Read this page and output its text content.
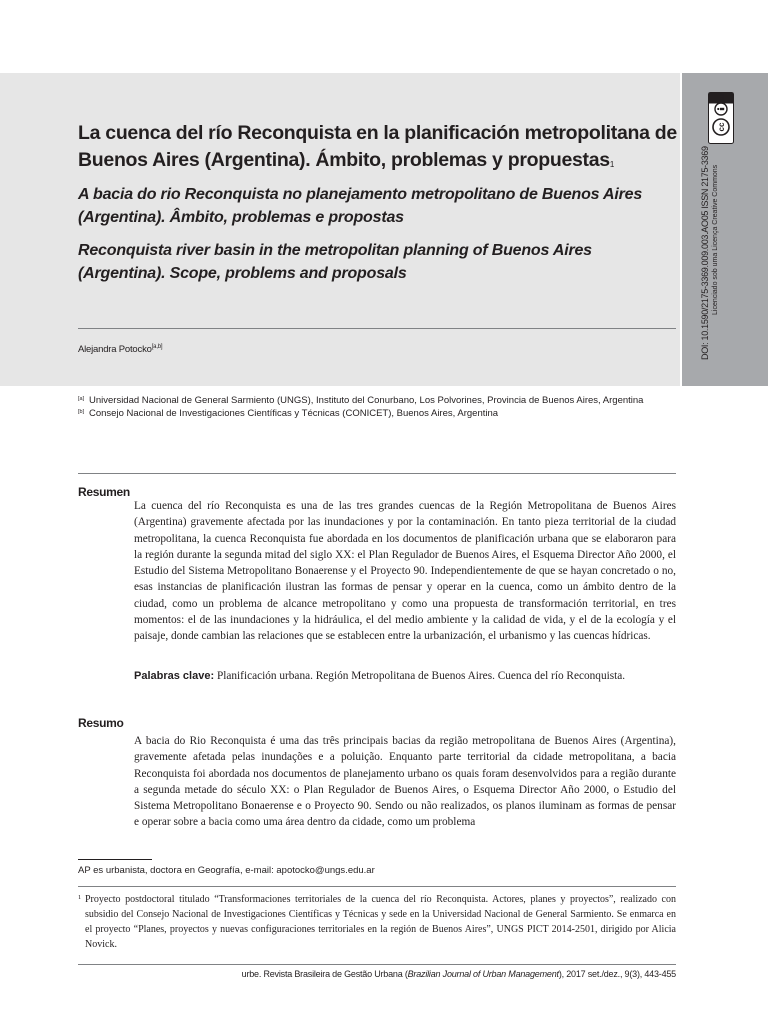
cc
BY
DOI: 10.1590/2175-3369.009.003.AO05 ISSN 2175-3369 Licenciado sob uma Licença Creative Commons
La cuenca del río Reconquista en la planificación metropolitana de Buenos Aires (Argentina). Ámbito, problemas y propuestas$^1$
A bacia do rio Reconquista no planejamento metropolitano de Buenos Aires (Argentina). Âmbito, problemas e propostas
Reconquista river basin in the metropolitan planning of Buenos Aires (Argentina). Scope, problems and proposals
Alejandra Potocko[a,b]
[a] Universidad Nacional de General Sarmiento (UNGS), Instituto del Conurbano, Los Polvorines, Provincia de Buenos Aires, Argentina
[b] Consejo Nacional de Investigaciones Científicas y Técnicas (CONICET), Buenos Aires, Argentina
Resumen

La cuenca del río Reconquista es una de las tres grandes cuencas de la Región Metropolitana de Buenos Aires (Argentina) gravemente afectada por las inundaciones y por la contaminación. En tanto pieza territorial de la ciudad metropolitana, la cuenca Reconquista fue abordada en los documentos de planificación urbana que se elaboraron para la región durante la segunda mitad del siglo XX: el Plan Regulador de Buenos Aires, el Esquema Director Año 2000, el Estudio del Sistema Metropolitano Bonaerense y el Proyecto 90. Independientemente de que se hayan concretado o no, esas instancias de planificación ilustran las formas de pensar y operar en la cuenca, como un ámbito dentro de la ciudad, como un problema de alcance metropolitano y como una propuesta de transformación territorial, en tres momentos: el de las inundaciones y la hidráulica, el del medio ambiente y la calidad de vida, y el de la ecología y el paisaje, donde cambian las relaciones que se establecen entre la urbanización, el urbanismo y las cuencas hídricas.

Palabras clave: Planificación urbana. Región Metropolitana de Buenos Aires. Cuenca del río Reconquista.

Resumo

A bacia do Rio Reconquista é uma das três principais bacias da região metropolitana de Buenos Aires (Argentina), gravemente afetada pelas inundações e a poluição. Enquanto parte territorial da cidade metropolitana, a bacia Reconquista foi abordada nos documentos de planejamento urbano os quais foram desenvolvidos para a região durante a segunda metade do século XX: o Plan Regulador de Buenos Aires, o Esquema Director Año 2000, o Estudio del Sistema Metropolitano Bonaerense e o Proyecto 90. Sendo ou não realizados, os planos iluminam as formas de pensar e operar sobre a bacia como uma área dentro da cidade, como um problema

AP es urbanista, doctora en Geografía, e-mail: apotocko@ungs.edu.ar

1 Proyecto postdoctoral titulado “Transformaciones territoriales de la cuenca del río Reconquista. Actores, planes y proyectos”, realizado con subsidio del Consejo Nacional de Investigaciones Científicas y Técnicas y sede en la Universidad Nacional de General Sarmiento. Se enmarca en el proyecto “Planes, proyectos y nuevas configuraciones territoriales en la región de Buenos Aires”, UNGS PICT 2014-2501, dirigido por Alicia Novick.

urbe. Revista Brasileira de Gestão Urbana (Brazilian Journal of Urban Management), 2017 set./dez., 9(3), 443-455
